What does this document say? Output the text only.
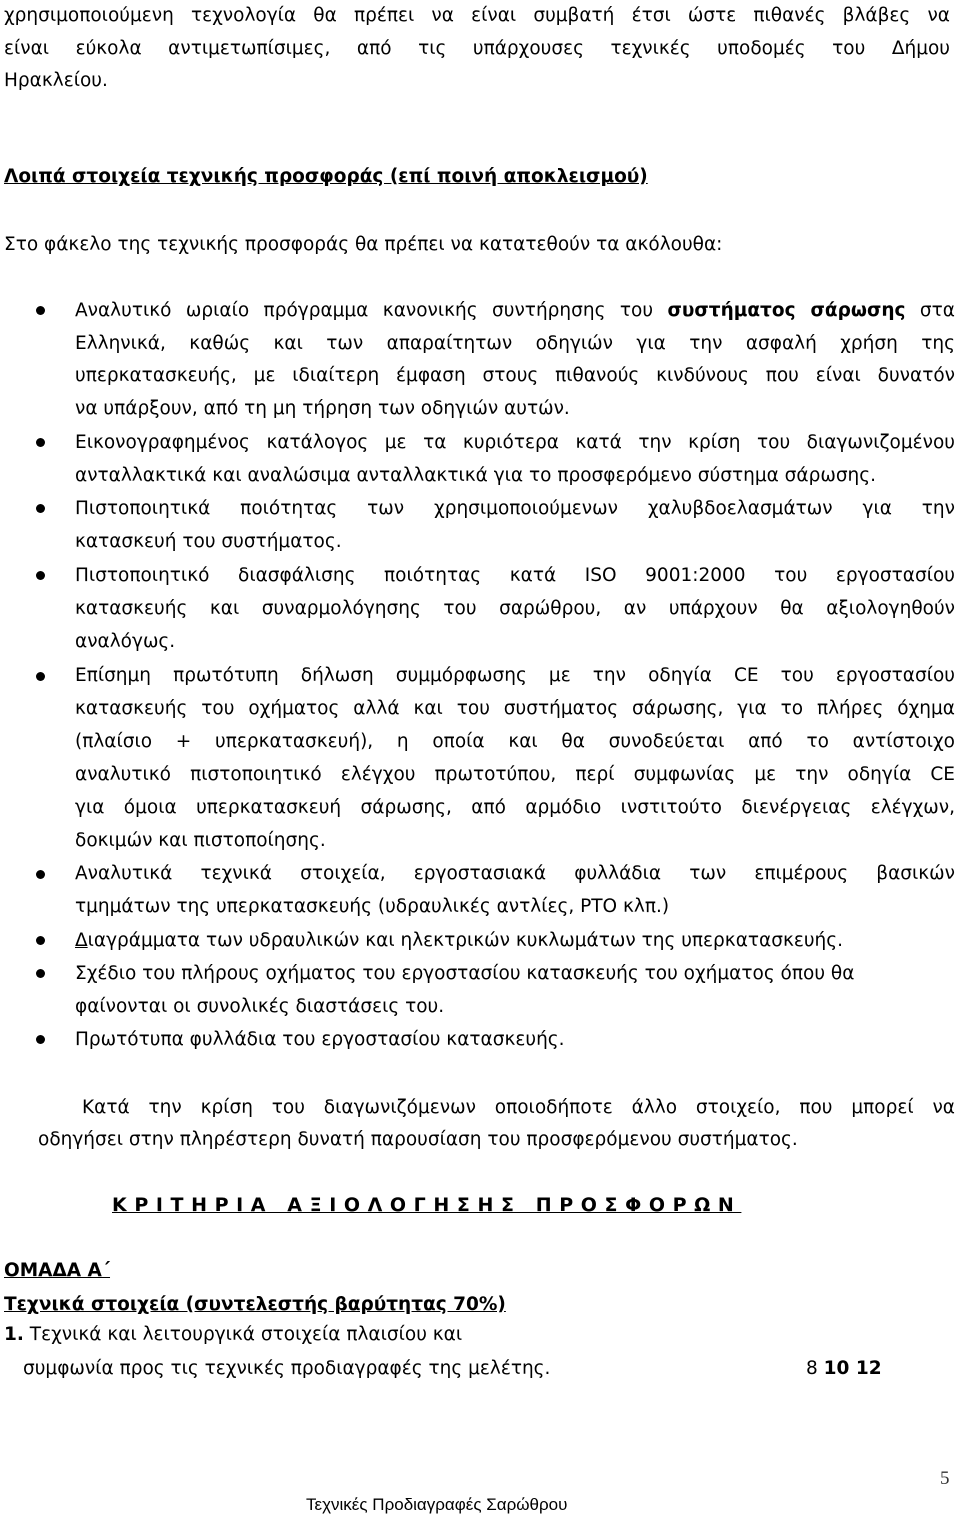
χρησιμοποιούμενη τεχνολογία θα πρέπει να είναι συμβατή έτσι ώστε πιθανές βλάβες να
είναι εύκολα αντιμετωπίσιμες, από τις υπάρχουσες τεχνικές υποδομές του Δήμου
Ηρακλείου.
Λοιπά στοιχεία τεχνικής προσφοράς (επί ποινή αποκλεισμού)
Στο φάκελο της τεχνικής προσφοράς θα πρέπει να κατατεθούν τα ακόλουθα:
Αναλυτικό ωριαίο πρόγραμμα κανονικής συντήρησης του συστήματος σάρωσης στα
Ελληνικά, καθώς και των απαραίτητων οδηγιών για την ασφαλή χρήση της
υπερκατασκευής, με ιδιαίτερη έμφαση στους πιθανούς κινδύνους που είναι δυνατόν
να υπάρξουν, από τη μη τήρηση των οδηγιών αυτών.
Εικονογραφημένος κατάλογος με τα κυριότερα κατά την κρίση του διαγωνιζομένου
ανταλλακτικά και αναλώσιμα ανταλλακτικά για το προσφερόμενο σύστημα σάρωσης.
Πιστοποιητικά ποιότητας των χρησιμοποιούμενων χαλυβδοελασμάτων για την
κατασκευή του συστήματος.
Πιστοποιητικό διασφάλισης ποιότητας κατά ISO 9001:2000 του εργοστασίου
κατασκευής και συναρμολόγησης του σαρώθρου, αν υπάρχουν θα αξιολογηθούν
αναλόγως.
Επίσημη πρωτότυπη δήλωση συμμόρφωσης με την οδηγία CE του εργοστασίου
κατασκευής του οχήματος αλλά και του συστήματος σάρωσης, για το πλήρες όχημα
(πλαίσιο + υπερκατασκευή), η οποία και θα συνοδεύεται από το αντίστοιχο
αναλυτικό πιστοποιητικό ελέγχου πρωτοτύπου, περί συμφωνίας με την οδηγία CE
για όμοια υπερκατασκευή σάρωσης, από αρμόδιο ινστιτούτο διενέργειας ελέγχων,
δοκιμών και πιστοποίησης.
Αναλυτικά τεχνικά στοιχεία, εργοστασιακά φυλλάδια των επιμέρους βασικών
τμημάτων της υπερκατασκευής (υδραυλικές αντλίες, PTO κλπ.)
Διαγράμματα των υδραυλικών και ηλεκτρικών κυκλωμάτων της υπερκατασκευής.
Σχέδιο του πλήρους οχήματος του εργοστασίου κατασκευής του οχήματος όπου θα
φαίνονται οι συνολικές διαστάσεις του.
Πρωτότυπα φυλλάδια του εργοστασίου κατασκευής.
Κατά την κρίση του διαγωνιζόμενων οποιοδήποτε άλλο στοιχείο, που μπορεί να
οδηγήσει στην πληρέστερη δυνατή παρουσίαση του προσφερόμενου συστήματος.
ΚΡΙΤΗΡΙΑ ΑΞΙΟΛΟΓΗΣΗΣ ΠΡΟΣΦΟΡΩΝ
ΟΜΑΔΑ Α΄
Τεχνικά στοιχεία (συντελεστής βαρύτητας 70%)
1. Τεχνικά και λειτουργικά στοιχεία πλαισίου και
συμφωνία προς τις τεχνικές προδιαγραφές της μελέτης.	8 10 12
5
Τεχνικές Προδιαγραφές Σαρώθρου
